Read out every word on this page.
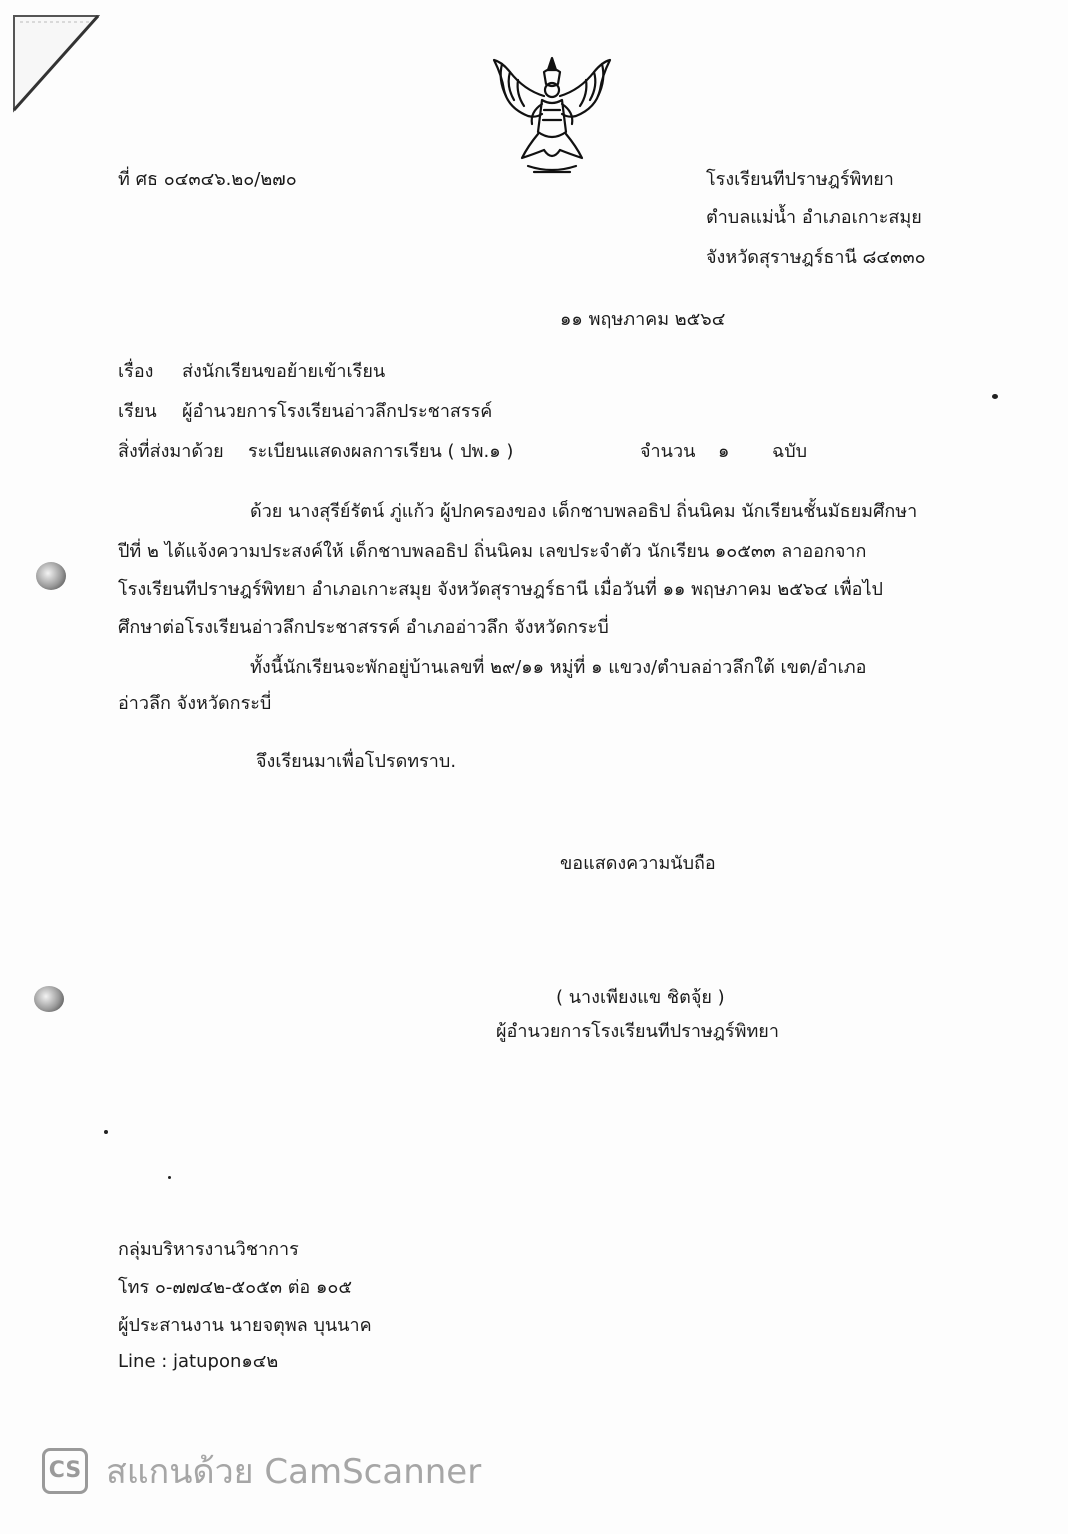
ที่ ศธ ๐๔๓๔๖.๒๐/๒๗๐	โรงเรียนทีปราษฎร์พิทยา
ตำบลแม่น้ำ อำเภอเกาะสมุย
จังหวัดสุราษฎร์ธานี ๘๔๓๓๐
๑๑ พฤษภาคม ๒๕๖๔
เรื่อง ส่งนักเรียนขอย้ายเข้าเรียน
เรียน ผู้อำนวยการโรงเรียนอ่าวลึกประชาสรรค์
สิ่งที่ส่งมาด้วย ระเบียนแสดงผลการเรียน ( ปพ.๑ )	จำนวน ๑ ฉบับ
ด้วย นางสุรีย์รัตน์ ภู่แก้ว ผู้ปกครองของ เด็กชาบพลอธิป ถิ่นนิคม นักเรียนชั้นมัธยมศึกษา
ปีที่ ๒ ได้แจ้งความประสงค์ให้ เด็กชาบพลอธิป ถิ่นนิคม เลขประจำตัว นักเรียน ๑๐๕๓๓ ลาออกจาก
โรงเรียนทีปราษฎร์พิทยา อำเภอเกาะสมุย จังหวัดสุราษฎร์ธานี เมื่อวันที่ ๑๑ พฤษภาคม ๒๕๖๔ เพื่อไป
ศึกษาต่อโรงเรียนอ่าวลึกประชาสรรค์ อำเภออ่าวลึก จังหวัดกระบี่
ทั้งนี้นักเรียนจะพักอยู่บ้านเลขที่ ๒๙/๑๑ หมู่ที่ ๑ แขวง/ตำบลอ่าวลึกใต้ เขต/อำเภอ
อ่าวลึก จังหวัดกระบี่
จึงเรียนมาเพื่อโปรดทราบ.
ขอแสดงความนับถือ
( นางเพียงแข ชิตจุ้ย )
ผู้อำนวยการโรงเรียนทีปราษฎร์พิทยา
กลุ่มบริหารงานวิชาการ
โทร ๐-๗๗๔๒-๕๐๕๓ ต่อ ๑๐๕
ผู้ประสานงาน นายจตุพล บุนนาค
Line : jatupon๑๔๒
CS สแกนด้วย CamScanner
